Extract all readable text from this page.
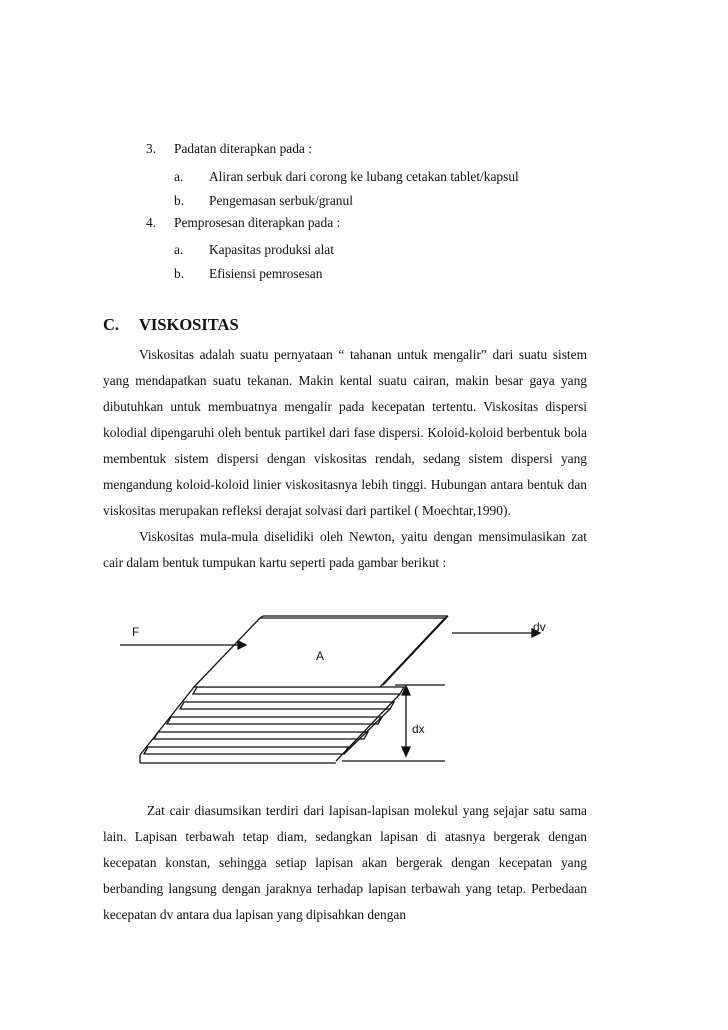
3. Padatan diterapkan pada :
a. Aliran serbuk dari corong ke lubang cetakan tablet/kapsul
b. Pengemasan serbuk/granul
4. Pemprosesan diterapkan pada :
a. Kapasitas produksi alat
b. Efisiensi pemrosesan
C. VISKOSITAS

Viskositas adalah suatu pernyataan “ tahanan untuk mengalir” dari suatu sistem yang mendapatkan suatu tekanan. Makin kental suatu cairan, makin besar gaya yang dibutuhkan untuk membuatnya mengalir pada kecepatan tertentu. Viskositas dispersi kolodial dipengaruhi oleh bentuk partikel dari fase dispersi. Koloid-koloid berbentuk bola membentuk sistem dispersi dengan viskositas rendah, sedang sistem dispersi yang mengandung koloid-koloid linier viskositasnya lebih tinggi. Hubungan antara bentuk dan viskositas merupakan refleksi derajat solvasi dari partikel ( Moechtar,1990).

Viskositas mula-mula diselidiki oleh Newton, yaitu dengan mensimulasikan zat cair dalam bentuk tumpukan kartu seperti pada gambar berikut :

F
A
dv
dx

Zat cair diasumsikan terdiri dari lapisan-lapisan molekul yang sejajar satu sama lain. Lapisan terbawah tetap diam, sedangkan lapisan di atasnya bergerak dengan kecepatan konstan, sehingga setiap lapisan akan bergerak dengan kecepatan yang berbanding langsung dengan jaraknya terhadap lapisan terbawah yang tetap. Perbedaan kecepatan dv antara dua lapisan yang dipisahkan dengan
